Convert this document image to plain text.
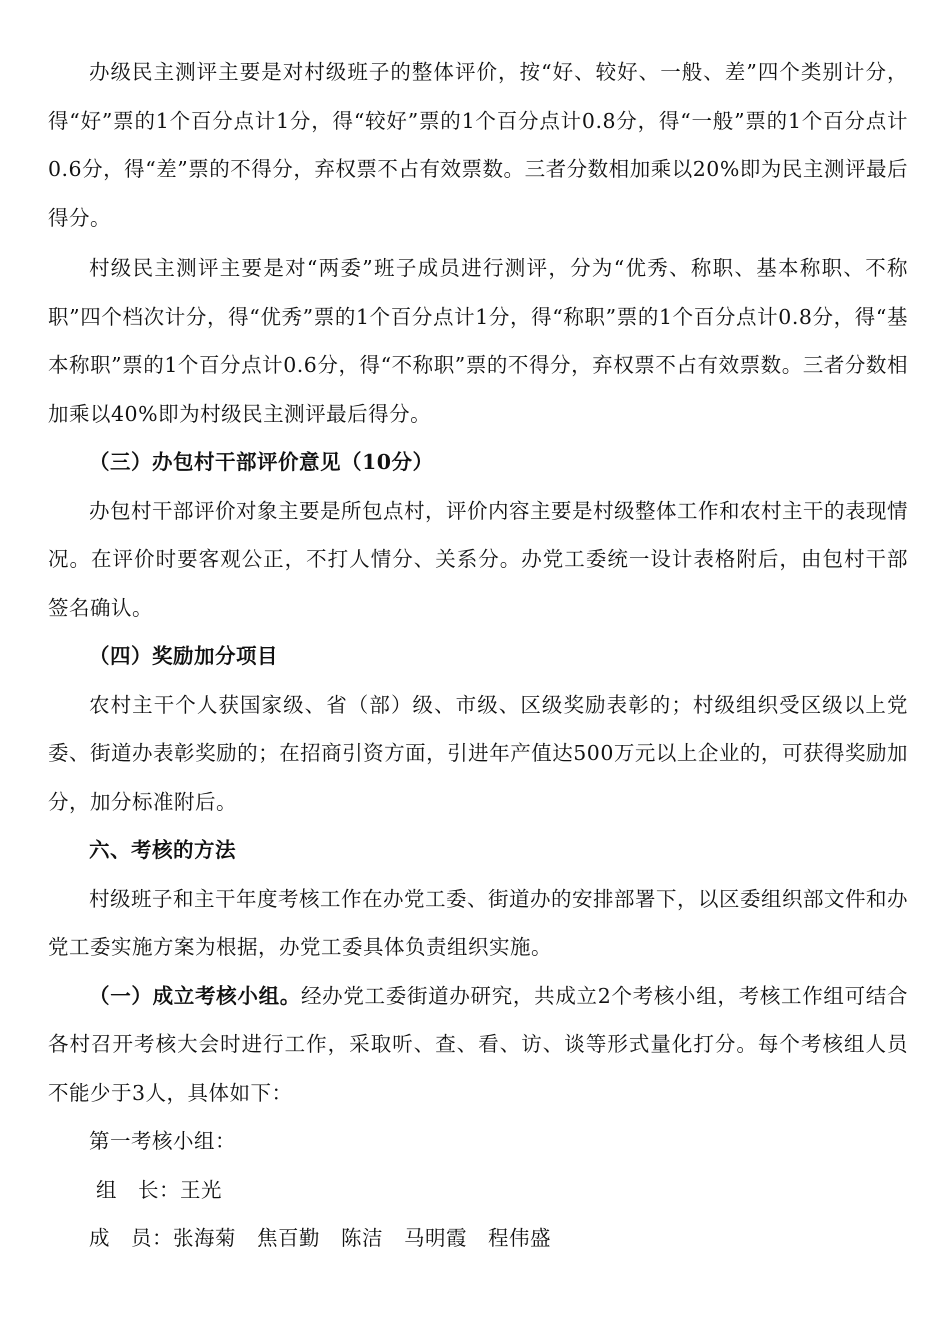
办级民主测评主要是对村级班子的整体评价，按“好、较好、一般、差”四个类别计分，得“好”票的1个百分点计1分，得“较好”票的1个百分点计0.8分，得“一般”票的1个百分点计0.6分，得“差”票的不得分，弃权票不占有效票数。三者分数相加乘以20%即为民主测评最后得分。

村级民主测评主要是对“两委”班子成员进行测评，分为“优秀、称职、基本称职、不称职”四个档次计分，得“优秀”票的1个百分点计1分，得“称职”票的1个百分点计0.8分，得“基本称职”票的1个百分点计0.6分，得“不称职”票的不得分，弃权票不占有效票数。三者分数相加乘以40%即为村级民主测评最后得分。

（三）办包村干部评价意见（10分）

办包村干部评价对象主要是所包点村，评价内容主要是村级整体工作和农村主干的表现情况。在评价时要客观公正，不打人情分、关系分。办党工委统一设计表格附后，由包村干部签名确认。

（四）奖励加分项目

农村主干个人获国家级、省（部）级、市级、区级奖励表彰的；村级组织受区级以上党委、街道办表彰奖励的；在招商引资方面，引进年产值达500万元以上企业的，可获得奖励加分，加分标准附后。

六、考核的方法

村级班子和主干年度考核工作在办党工委、街道办的安排部署下，以区委组织部文件和办党工委实施方案为根据，办党工委具体负责组织实施。

（一）成立考核小组。经办党工委街道办研究，共成立2个考核小组，考核工作组可结合各村召开考核大会时进行工作，采取听、查、看、访、谈等形式量化打分。每个考核组人员不能少于3人，具体如下：

第一考核小组：

组　长：王光

成　员：张海菊　焦百勤　陈洁　马明霞　程伟盛
